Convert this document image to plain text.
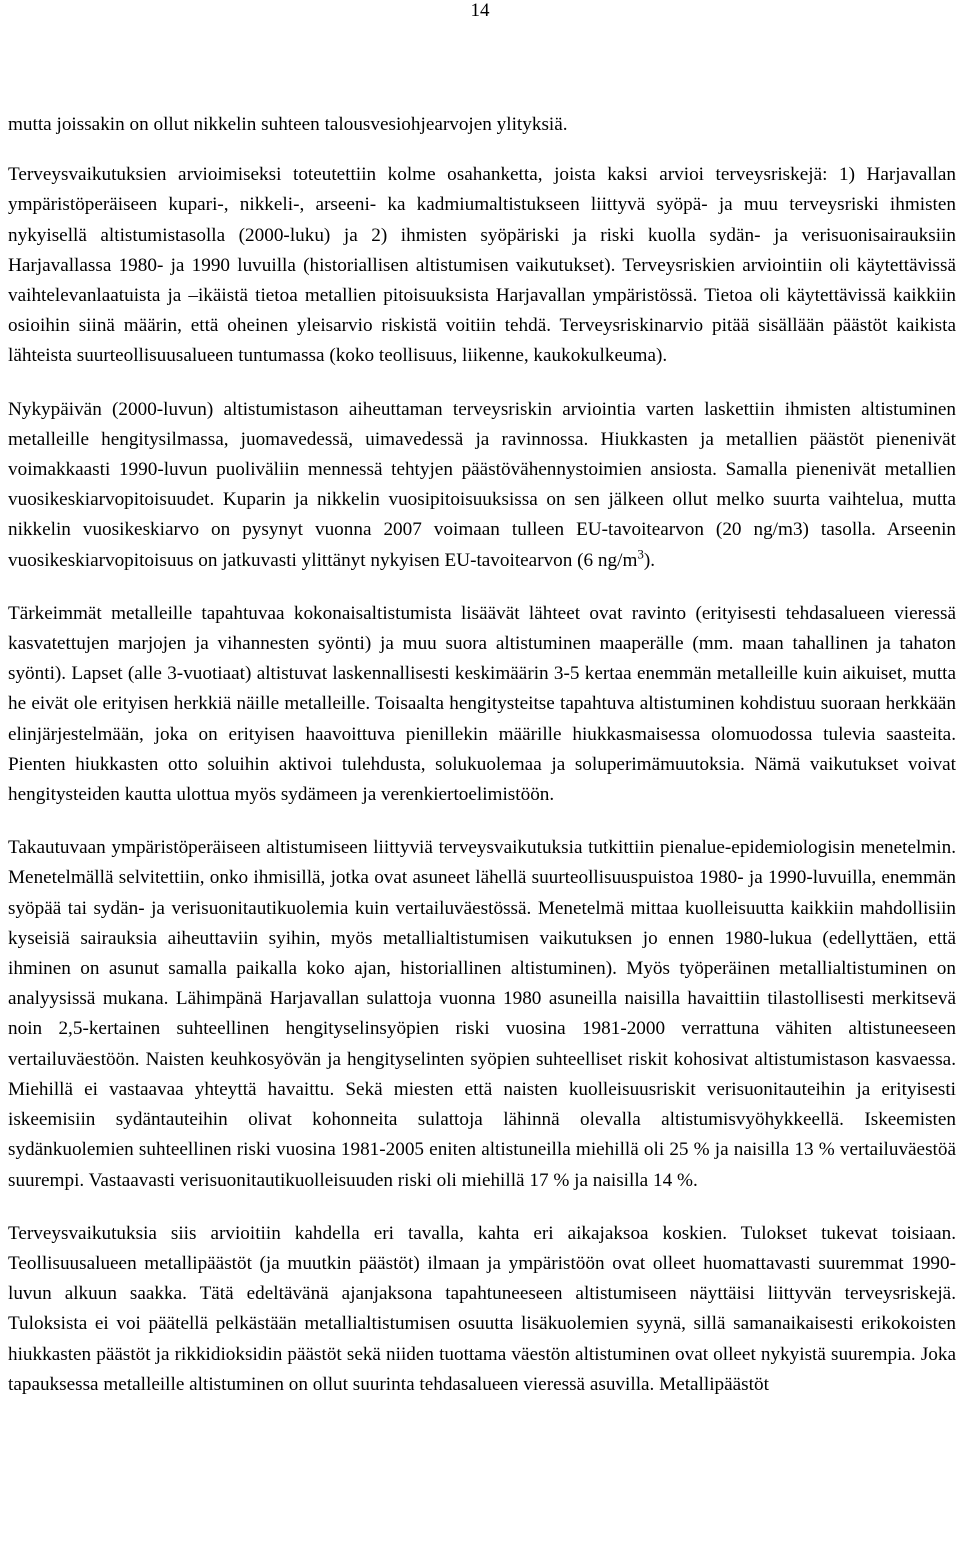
14

mutta joissakin on ollut nikkelin suhteen talousvesiohjearvojen ylityksiä.

Terveysvaikutuksien arvioimiseksi toteutettiin kolme osahanketta, joista kaksi arvioi terveysriskejä: 1) Harjavallan ympäristöperäiseen kupari-, nikkeli-, arseeni- ka kadmiumaltistukseen liittyvä syöpä- ja muu terveysriski ihmisten nykyisellä altistumistasolla (2000-luku) ja 2) ihmisten syöpäriski ja riski kuolla sydän- ja verisuonisairauksiin Harjavallassa 1980- ja 1990 luvuilla (historiallisen altistumisen vaikutukset). Terveysriskien arviointiin oli käytettävissä vaihtelevanlaatuista ja –ikäistä tietoa metallien pitoisuuksista Harjavallan ympäristössä. Tietoa oli käytettävissä kaikkiin osioihin siinä määrin, että oheinen yleisarvio riskistä voitiin tehdä. Terveysriskinarvio pitää sisällään päästöt kaikista lähteista suurteollisuusalueen tuntumassa (koko teollisuus, liikenne, kaukokulkeuma).

Nykypäivän (2000-luvun) altistumistason aiheuttaman terveysriskin arviointia varten laskettiin ihmisten altistuminen metalleille hengitysilmassa, juomavedessä, uimavedessä ja ravinnossa. Hiukkasten ja metallien päästöt pienenivät voimakkaasti 1990-luvun puoliväliin mennessä tehtyjen päästövähennystoimien ansiosta. Samalla pienenivät metallien vuosikeskiarvopitoisuudet. Kuparin ja nikkelin vuosipitoisuuksissa on sen jälkeen ollut melko suurta vaihtelua, mutta nikkelin vuosikeskiarvo on pysynyt vuonna 2007 voimaan tulleen EU-tavoitearvon (20 ng/m3) tasolla. Arseenin vuosikeskiarvopitoisuus on jatkuvasti ylittänyt nykyisen EU-tavoitearvon (6 $ng/m^3$).

Tärkeimmät metalleille tapahtuvaa kokonaisaltistumista lisäävät lähteet ovat ravinto (erityisesti tehdasalueen vieressä kasvatettujen marjojen ja vihannesten syönti) ja muu suora altistuminen maaperälle (mm. maan tahallinen ja tahaton syönti). Lapset (alle 3-vuotiaat) altistuvat laskennallisesti keskimäärin 3-5 kertaa enemmän metalleille kuin aikuiset, mutta he eivät ole erityisen herkkiä näille metalleille. Toisaalta hengitysteitse tapahtuva altistuminen kohdistuu suoraan herkkään elinjärjestelmään, joka on erityisen haavoittuva pienillekin määrille hiukkasmaisessa olomuodossa tulevia saasteita. Pienten hiukkasten otto soluihin aktivoi tulehdusta, solukuolemaa ja soluperimämuutoksia. Nämä vaikutukset voivat hengitysteiden kautta ulottua myös sydämeen ja verenkiertoelimistöön.

Takautuvaan ympäristöperäiseen altistumiseen liittyviä terveysvaikutuksia tutkittiin pienalue-epidemiologisin menetelmin. Menetelmällä selvitettiin, onko ihmisillä, jotka ovat asuneet lähellä suurteollisuuspuistoa 1980- ja 1990-luvuilla, enemmän syöpää tai sydän- ja verisuonitautikuolemia kuin vertailuväestössä. Menetelmä mittaa kuolleisuutta kaikkiin mahdollisiin kyseisiä sairauksia aiheuttaviin syihin, myös metallialtistumisen vaikutuksen jo ennen 1980-lukua (edellyttäen, että ihminen on asunut samalla paikalla koko ajan, historiallinen altistuminen). Myös työperäinen metallialtistuminen on analyysissä mukana. Lähimpänä Harjavallan sulattoja vuonna 1980 asuneilla naisilla havaittiin tilastollisesti merkitsevä noin 2,5-kertainen suhteellinen hengityselinsyöpien riski vuosina 1981-2000 verrattuna vähiten altistuneeseen vertailuväestöön. Naisten keuhkosyövän ja hengityselinten syöpien suhteelliset riskit kohosivat altistumistason kasvaessa. Miehillä ei vastaavaa yhteyttä havaittu. Sekä miesten että naisten kuolleisuusriskit verisuonitauteihin ja erityisesti iskeemisiin sydäntauteihin olivat kohonneita sulattoja lähinnä olevalla altistumisvyöhykkeellä. Iskeemisten sydänkuolemien suhteellinen riski vuosina 1981-2005 eniten altistuneilla miehillä oli 25 % ja naisilla 13 % vertailuväestöä suurempi. Vastaavasti verisuonitautikuolleisuuden riski oli miehillä 17 % ja naisilla 14 %.

Terveysvaikutuksia siis arvioitiin kahdella eri tavalla, kahta eri aikajaksoa koskien. Tulokset tukevat toisiaan. Teollisuusalueen metallipäästöt (ja muutkin päästöt) ilmaan ja ympäristöön ovat olleet huomattavasti suuremmat 1990-luvun alkuun saakka. Tätä edeltävänä ajanjaksona tapahtuneeseen altistumiseen näyttäisi liittyvän terveysriskejä. Tuloksista ei voi päätellä pelkästään metallialtistumisen osuutta lisäkuolemien syynä, sillä samanaikaisesti erikokoisten hiukkasten päästöt ja rikkidioksidin päästöt sekä niiden tuottama väestön altistuminen ovat olleet nykyistä suurempia. Joka tapauksessa metalleille altistuminen on ollut suurinta tehdasalueen vieressä asuvilla. Metallipäästöt
